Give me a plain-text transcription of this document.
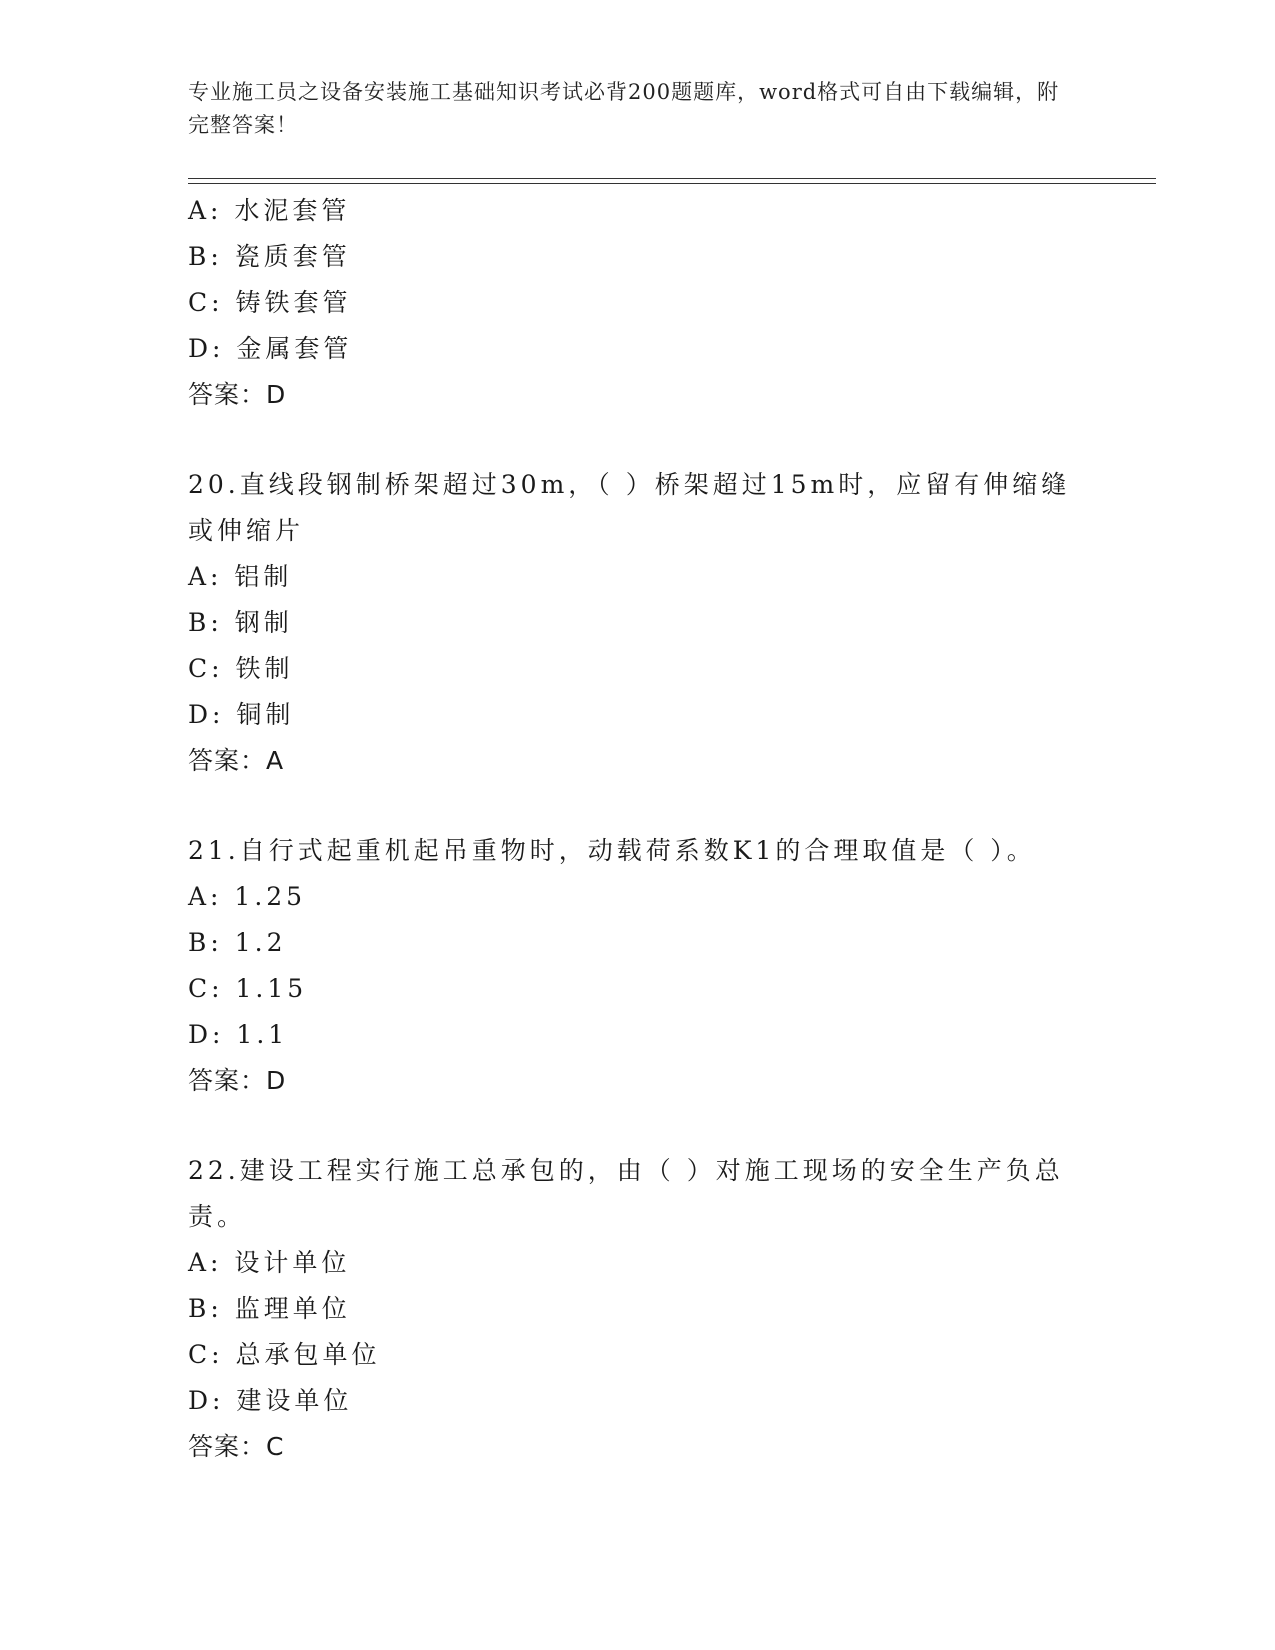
专业施工员之设备安装施工基础知识考试必背200题题库，word格式可自由下载编辑，附完整答案！
A: 水泥套管
B: 瓷质套管
C: 铸铁套管
D: 金属套管
答案：D
20.直线段钢制桥架超过30m，（ ）桥架超过15m时，应留有伸缩缝或伸缩片
A: 铝制
B: 钢制
C: 铁制
D: 铜制
答案：A
21.自行式起重机起吊重物时，动载荷系数K1的合理取值是（ ）。
A: 1.25
B: 1.2
C: 1.15
D: 1.1
答案：D
22.建设工程实行施工总承包的，由（ ）对施工现场的安全生产负总责。
A: 设计单位
B: 监理单位
C: 总承包单位
D: 建设单位
答案：C
